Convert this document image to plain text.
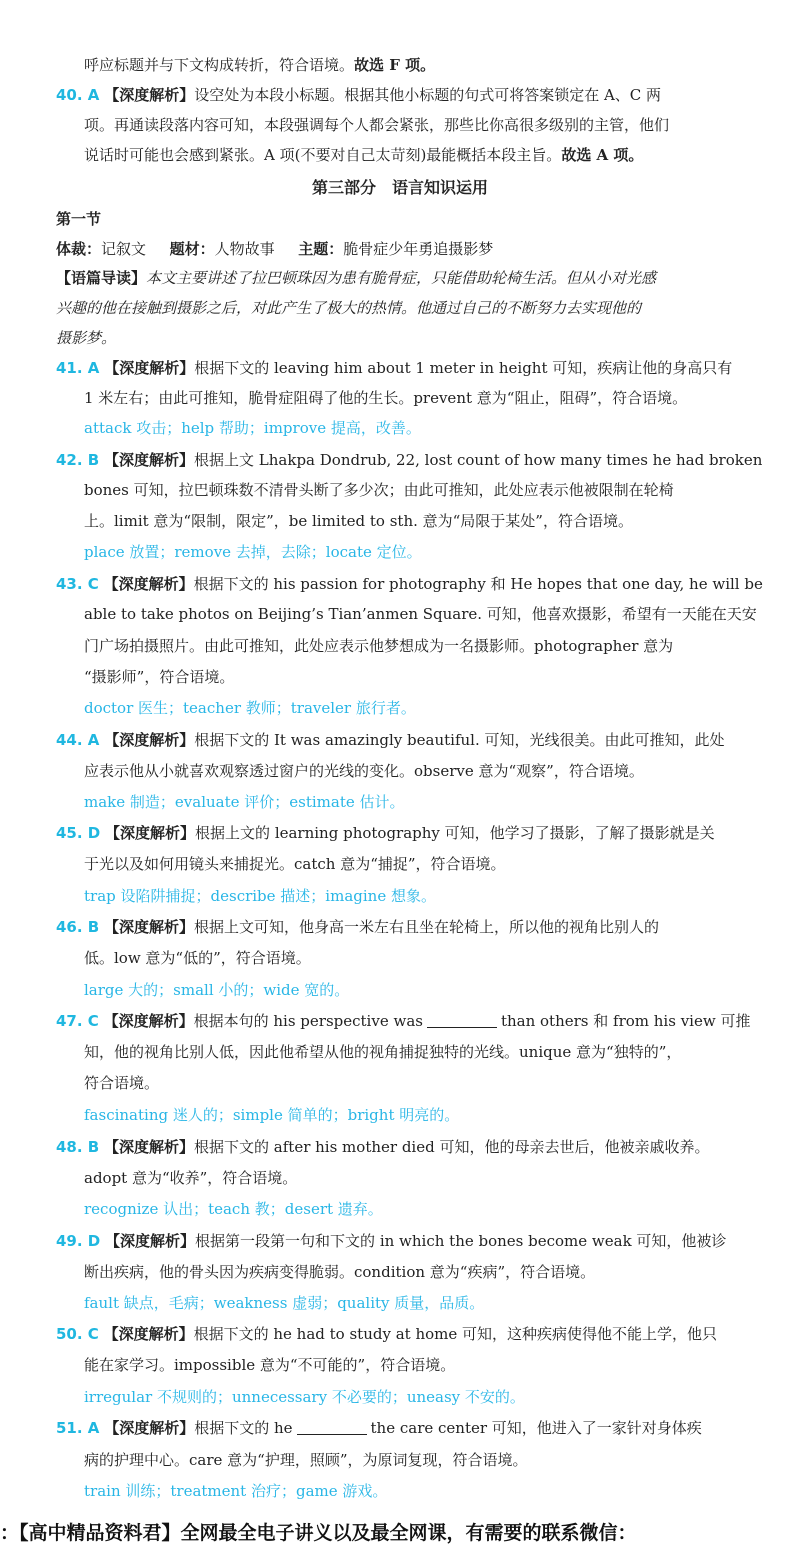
呼应标题并与下文构成转折，符合语境。故选 F 项。
40. A 【深度解析】设空处为本段小标题。根据其他小标题的句式可将答案锁定在 A、C 两
项。再通读段落内容可知，本段强调每个人都会紧张，那些比你高很多级别的主管，他们
说话时可能也会感到紧张。A 项(不要对自己太苛刻)最能概括本段主旨。故选 A 项。
第三部分　语言知识运用
第一节
体裁：记叙文 题材：人物故事 主题：脆骨症少年勇追摄影梦
【语篇导读】本文主要讲述了拉巴顿珠因为患有脆骨症，只能借助轮椅生活。但从小对光感
兴趣的他在接触到摄影之后，对此产生了极大的热情。他通过自己的不断努力去实现他的
摄影梦。
41. A 【深度解析】根据下文的 leaving him about 1 meter in height 可知，疾病让他的身高只有
1 米左右；由此可推知，脆骨症阻碍了他的生长。prevent 意为“阻止，阻碍”，符合语境。
attack 攻击；help 帮助；improve 提高，改善。
42. B 【深度解析】根据上文 Lhakpa Dondrub, 22, lost count of how many times he had broken
bones 可知，拉巴顿珠数不清骨头断了多少次；由此可推知，此处应表示他被限制在轮椅
上。limit 意为“限制，限定”，be limited to sth. 意为“局限于某处”，符合语境。
place 放置；remove 去掉，去除；locate 定位。
43. C 【深度解析】根据下文的 his passion for photography 和 He hopes that one day, he will be
able to take photos on Beijing’s Tian’anmen Square. 可知，他喜欢摄影，希望有一天能在天安
门广场拍摄照片。由此可推知，此处应表示他梦想成为一名摄影师。photographer 意为
“摄影师”，符合语境。
doctor 医生；teacher 教师；traveler 旅行者。
44. A 【深度解析】根据下文的 It was amazingly beautiful. 可知，光线很美。由此可推知，此处
应表示他从小就喜欢观察透过窗户的光线的变化。observe 意为“观察”，符合语境。
make 制造；evaluate 评价；estimate 估计。
45. D 【深度解析】根据上文的 learning photography 可知，他学习了摄影，了解了摄影就是关
于光以及如何用镜头来捕捉光。catch 意为“捕捉”，符合语境。
trap 设陷阱捕捉；describe 描述；imagine 想象。
46. B 【深度解析】根据上文可知，他身高一米左右且坐在轮椅上，所以他的视角比别人的
低。low 意为“低的”，符合语境。
large 大的；small 小的；wide 宽的。
47. C 【深度解析】根据本句的 his perspective was	than others 和 from his view 可推
知，他的视角比别人低，因此他希望从他的视角捕捉独特的光线。unique 意为“独特的”，
符合语境。
fascinating 迷人的；simple 简单的；bright 明亮的。
48. B 【深度解析】根据下文的 after his mother died 可知，他的母亲去世后，他被亲戚收养。
adopt 意为“收养”，符合语境。
recognize 认出；teach 教；desert 遗弃。
49. D 【深度解析】根据第一段第一句和下文的 in which the bones become weak 可知，他被诊
断出疾病，他的骨头因为疾病变得脆弱。condition 意为“疾病”，符合语境。
fault 缺点，毛病；weakness 虚弱；quality 质量，品质。
50. C 【深度解析】根据下文的 he had to study at home 可知，这种疾病使得他不能上学，他只
能在家学习。impossible 意为“不可能的”，符合语境。
irregular 不规则的；unnecessary 不必要的；uneasy 不安的。
51. A 【深度解析】根据下文的 he	the care center 可知，他进入了一家针对身体疾
病的护理中心。care 意为“护理，照顾”，为原词复现，符合语境。
train 训练；treatment 治疗；game 游戏。
：【高中精品资料君】全网最全电子讲义以及最全网课，有需要的联系微信：
